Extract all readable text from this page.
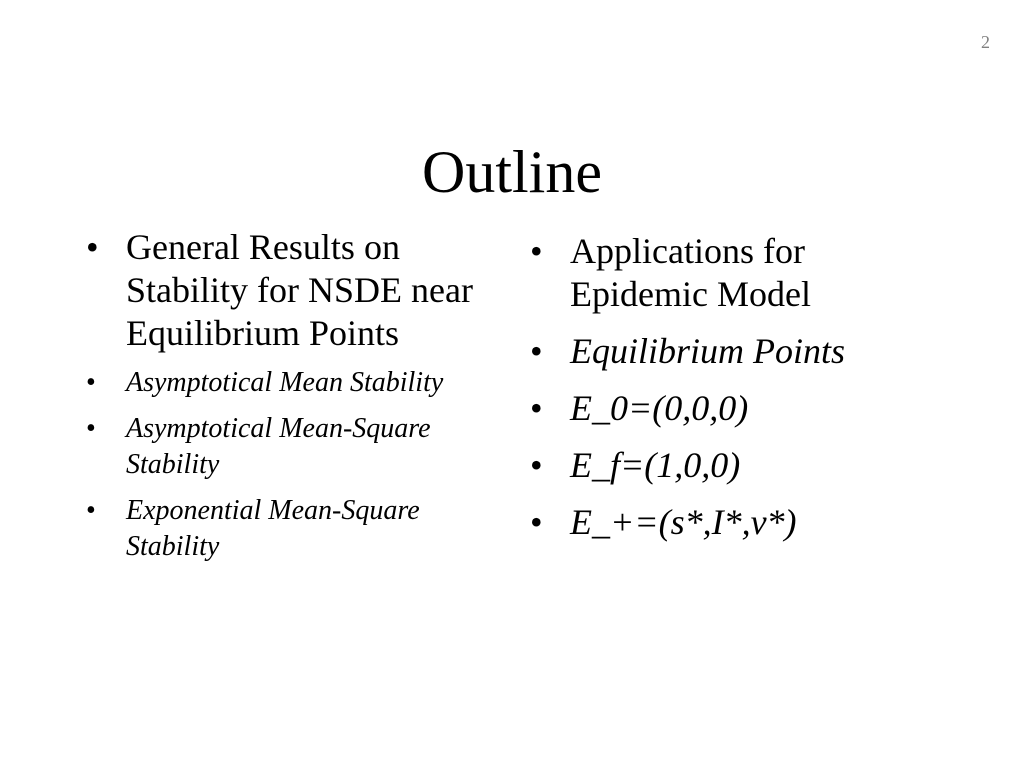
2
Outline
• General Results on Stability for NSDE near Equilibrium Points
• Asymptotical Mean Stability
• Asymptotical Mean-Square Stability
• Exponential Mean-Square Stability
• Applications for Epidemic Model
• Equilibrium Points
• E_0=(0,0,0)
• E_f=(1,0,0)
• E_+=(s*,I*,v*)
